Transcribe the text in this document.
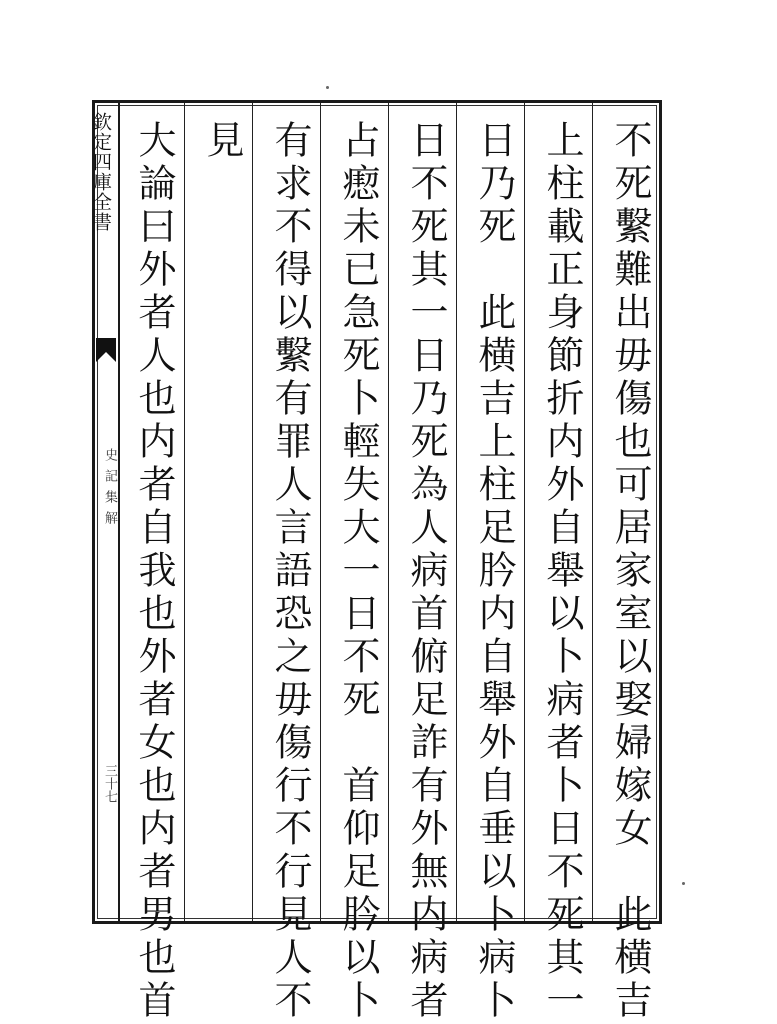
欽定四庫全書
史記集解
三十七	不死繫難出毋傷也可居家室以娶婦嫁女　此横吉
上柱載正身節折内外自舉以卜病者卜日不死其一
日乃死　此横吉上柱足肣内自舉外自垂以卜病卜
日不死其一日乃死為人病首俯足詐有外無内病者
占瘛未已急死卜輕失大一日不死　首仰足肣以卜
有求不得以繫有罪人言語恐之毋傷行不行見人不
見
大論曰外者人也内者自我也外者女也内者男也首
